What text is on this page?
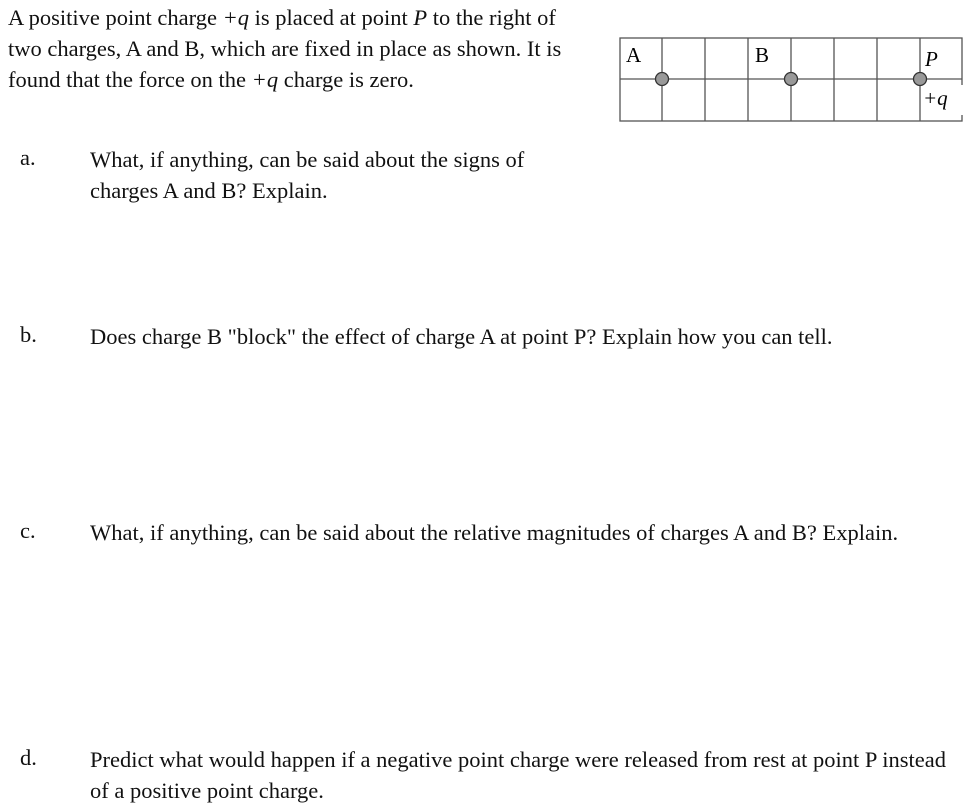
A positive point charge +q is placed at point P to the right of two charges, A and B, which are fixed in place as shown. It is found that the force on the +q charge is zero.
A	B	P
+q
a. What, if anything, can be said about the signs of charges A and B? Explain.
b. Does charge B "block" the effect of charge A at point P? Explain how you can tell.
c. What, if anything, can be said about the relative magnitudes of charges A and B? Explain.
d. Predict what would happen if a negative point charge were released from rest at point P instead of a positive point charge.
